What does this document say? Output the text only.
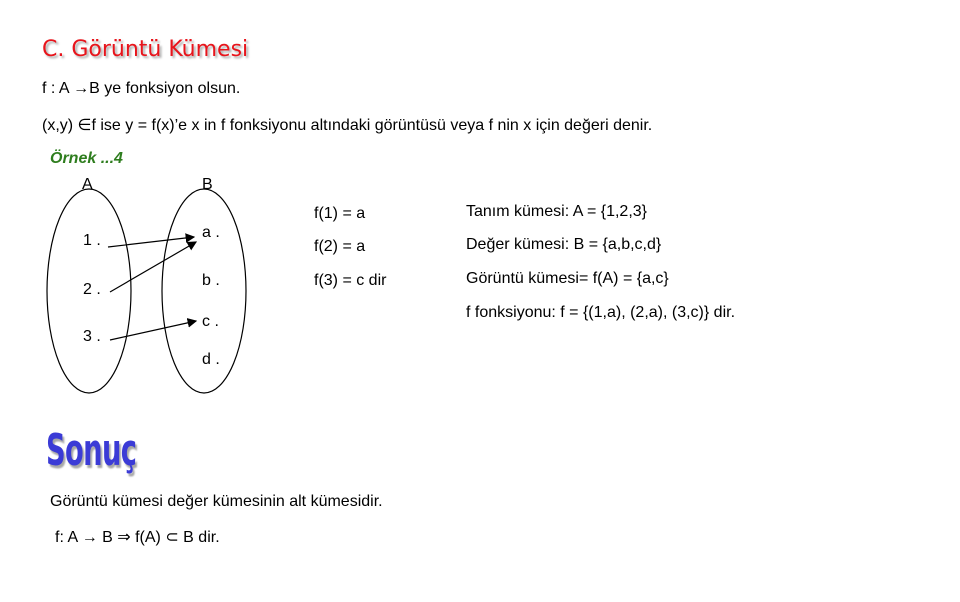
C. Görüntü Kümesi
f : A →B ye fonksiyon olsun.
(x,y) ∈f ise y = f(x)’e x in f fonksiyonu altındaki görüntüsü veya f nin x için değeri denir.
Örnek ...4
A	B
1 .
2 .
3 .
a .
b .
c .
d .
f(1) = a
f(2) = a
f(3) = c dir
Tanım kümesi: A = {1,2,3}
Değer kümesi: B = {a,b,c,d}
Görüntü kümesi= f(A) = {a,c}
f fonksiyonu: f = {(1,a), (2,a), (3,c)} dir.
Sonuç
Görüntü kümesi değer kümesinin alt kümesidir.
f: A → B ⇒ f(A) ⊂ B dir.
